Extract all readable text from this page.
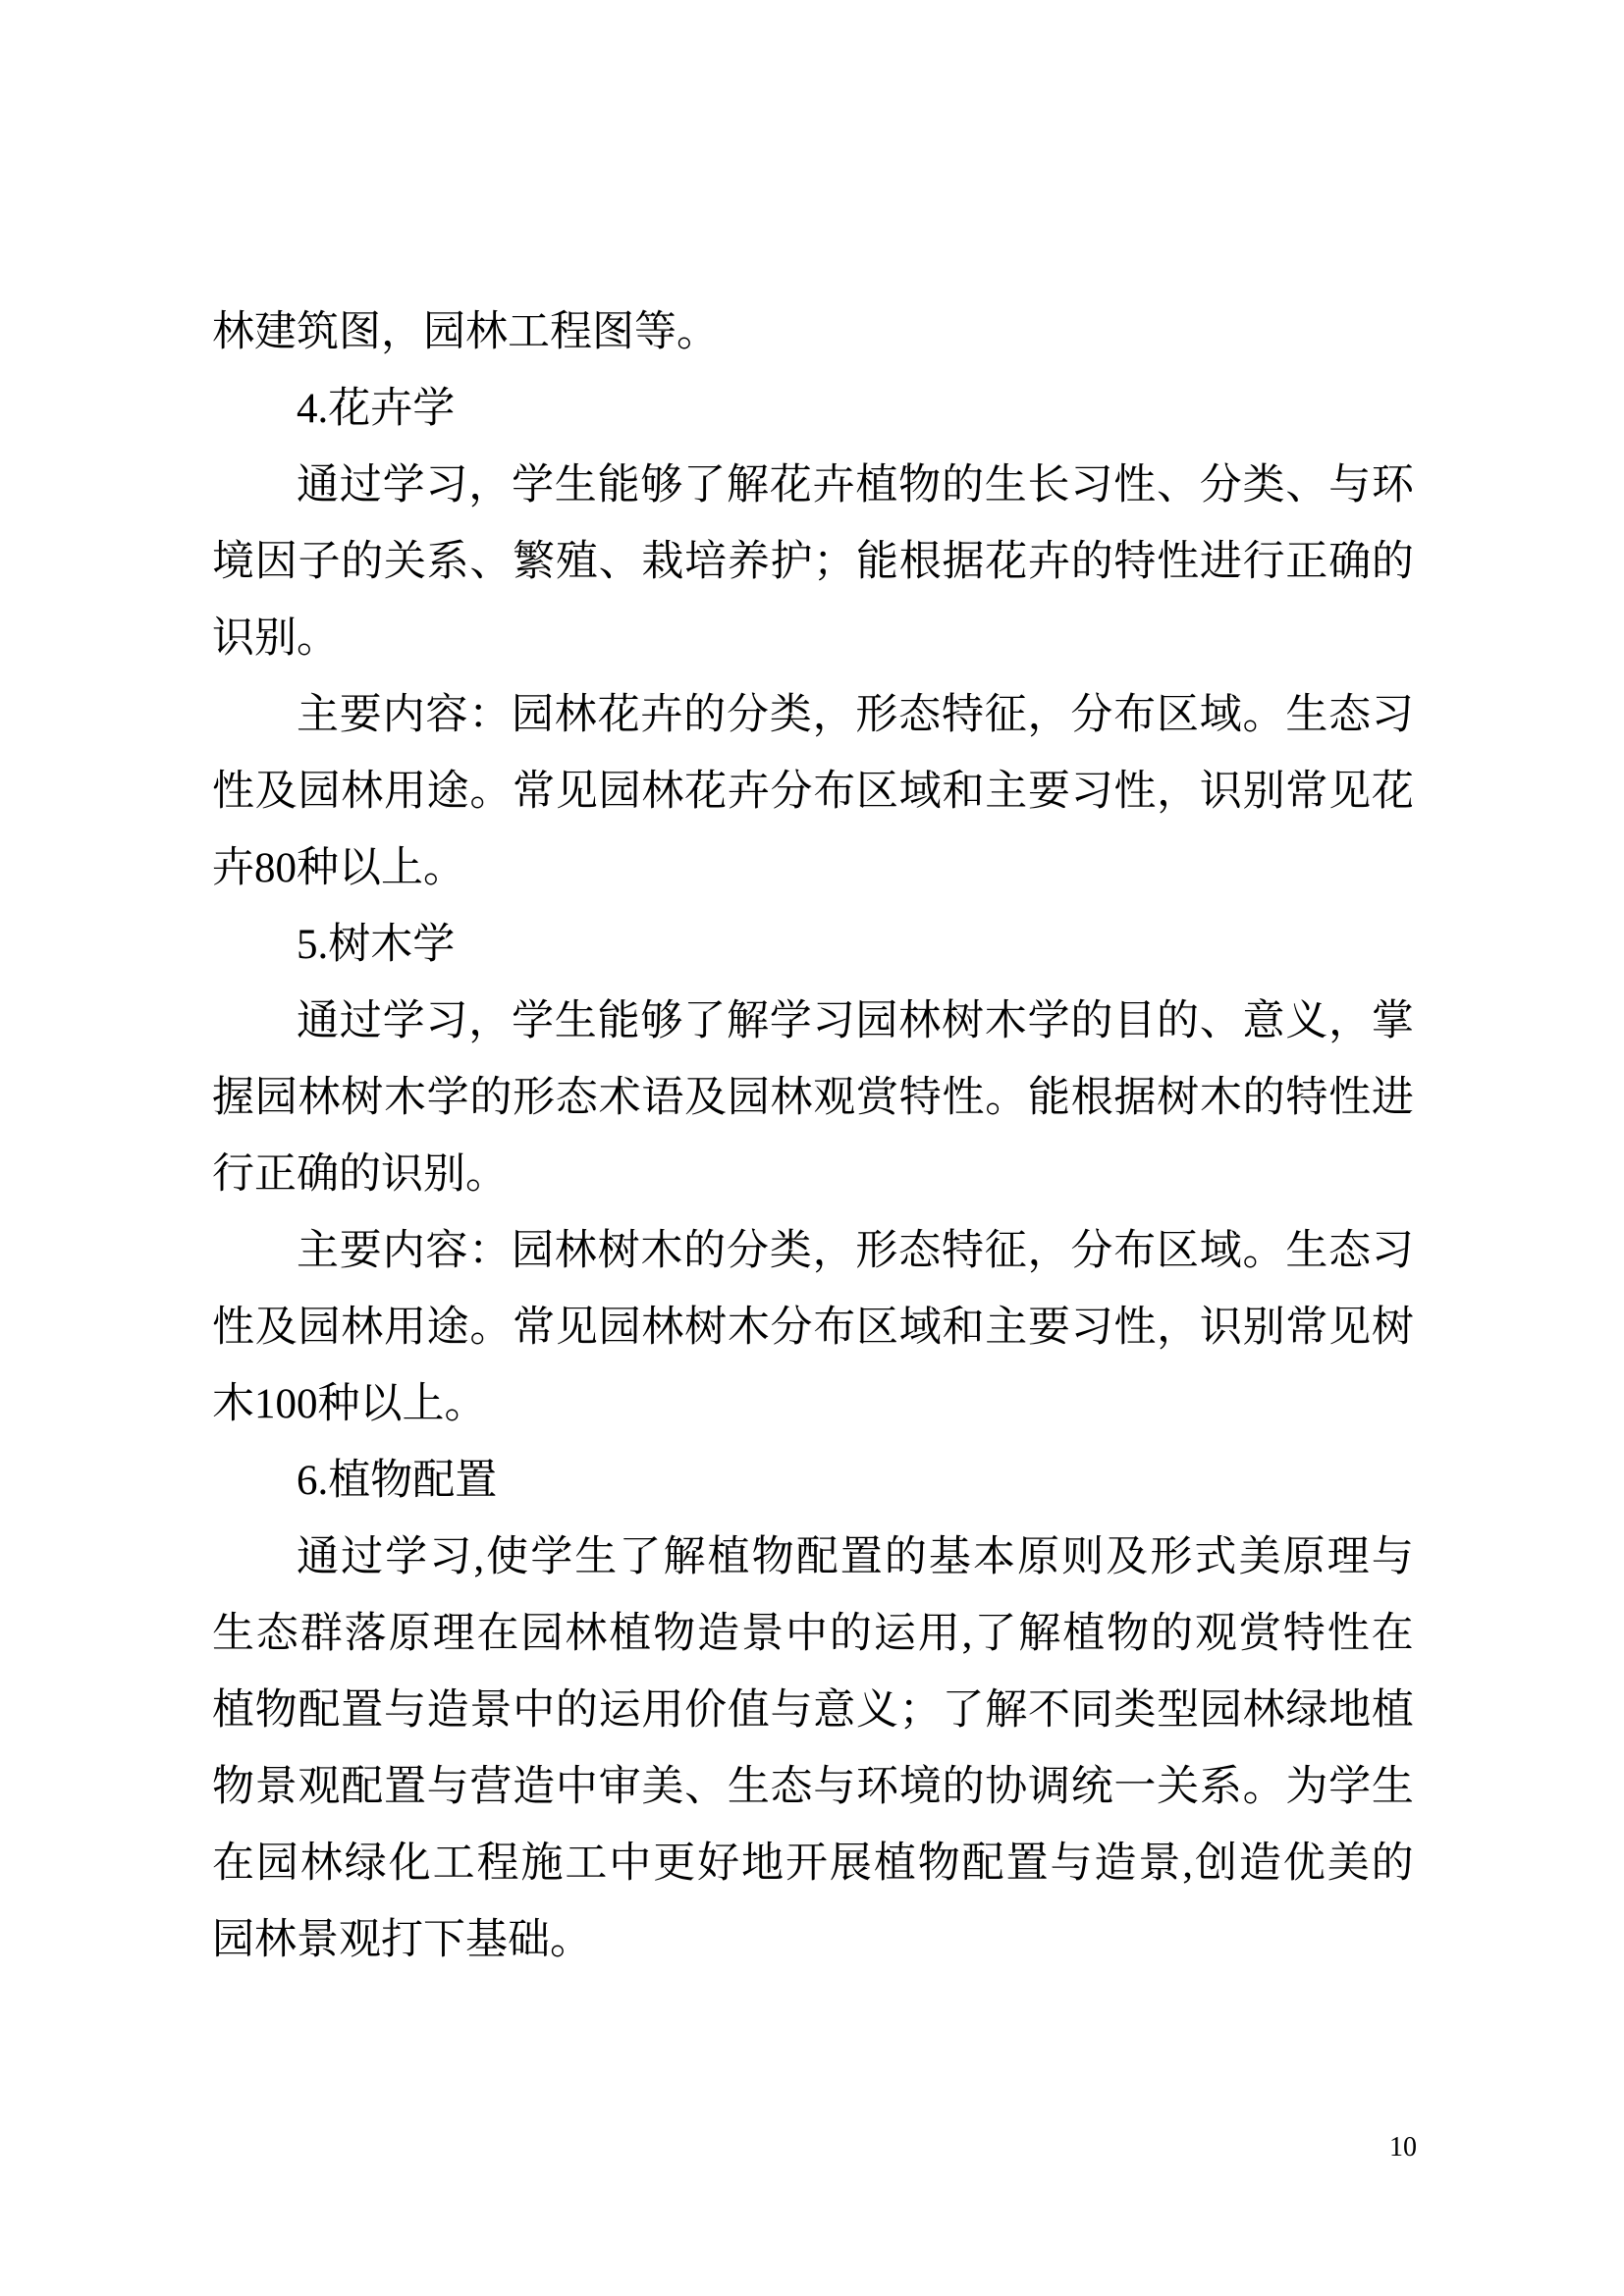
林建筑图，园林工程图等。
4.花卉学
通 过 学 习 ， 学 生 能 够 了 解 花 卉 植 物 的 生 长 习 性 、 分 类 、 与 环
境 因 子 的 关 系 、 繁 殖 、 栽 培 养 护 ； 能 根 据 花 卉 的 特 性 进 行 正 确 的
识别。
主 要 内 容 ： 园 林 花 卉 的 分 类 ， 形 态 特 征 ， 分 布 区 域 。 生 态 习
性 及 园 林 用 途 。 常 见 园 林 花 卉 分 布 区 域 和 主 要 习 性 ， 识 别 常 见 花
卉80种以上。
5.树木学
通 过 学 习 ， 学 生 能 够 了 解 学 习 园 林 树 木 学 的 目 的 、 意 义 ， 掌
握 园 林 树 木 学 的 形 态 术 语 及 园 林 观 赏 特 性 。 能 根 据 树 木 的 特 性 进
行正确的识别。
主 要 内 容 ： 园 林 树 木 的 分 类 ， 形 态 特 征 ， 分 布 区 域 。 生 态 习
性 及 园 林 用 途 。 常 见 园 林 树 木 分 布 区 域 和 主 要 习 性 ， 识 别 常 见 树
木100种以上。
6.植物配置
通 过 学 习 , 使 学 生 了 解 植 物 配 置 的 基 本 原 则 及 形 式 美 原 理 与
生 态 群 落 原 理 在 园 林 植 物 造 景 中 的 运 用 , 了 解 植 物 的 观 赏 特 性 在
植 物 配 置 与 造 景 中 的 运 用 价 值 与 意 义 ； 了 解 不 同 类 型 园 林 绿 地 植
物 景 观 配 置 与 营 造 中 审 美 、 生 态 与 环 境 的 协 调 统 一 关 系 。 为 学 生
在 园 林 绿 化 工 程 施 工 中 更 好 地 开 展 植 物 配 置 与 造 景 , 创 造 优 美 的
园林景观打下基础。
10
